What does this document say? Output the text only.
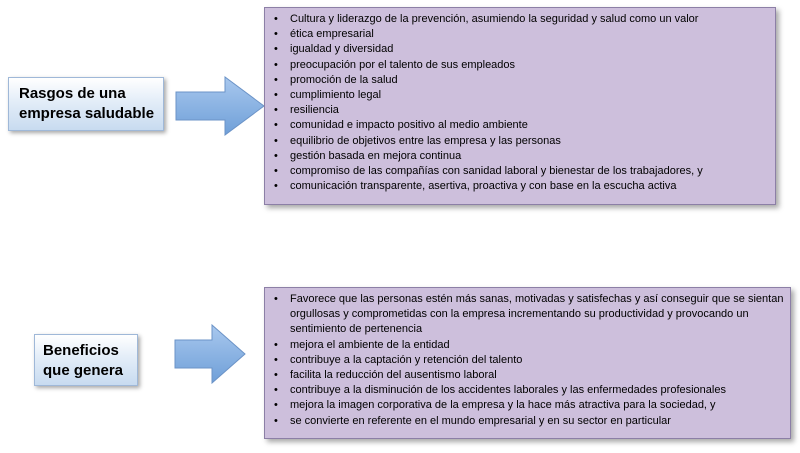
Rasgos de una
empresa saludable
• Cultura y liderazgo de la prevención, asumiendo la seguridad y salud como un valor
• ética empresarial
• igualdad y diversidad
• preocupación por el talento de sus empleados
• promoción de la salud
• cumplimiento legal
• resiliencia
• comunidad e impacto positivo al medio ambiente
• equilibrio de objetivos entre las empresa y las personas
• gestión basada en mejora continua
• compromiso de las compañías con sanidad laboral y bienestar de los trabajadores, y
• comunicación transparente, asertiva, proactiva y con base en la escucha activa
Beneficios
que genera
• Favorece que las personas estén más sanas, motivadas y satisfechas y así conseguir que se sientan orgullosas y comprometidas con la empresa incrementando su productividad y provocando un sentimiento de pertenencia
• mejora el ambiente de la entidad
• contribuye a la captación y retención del talento
• facilita la reducción del ausentismo laboral
• contribuye a la disminución de los accidentes laborales y las enfermedades profesionales
• mejora la imagen corporativa de la empresa y la hace más atractiva para la sociedad, y
• se convierte en referente en el mundo empresarial y en su sector en particular
